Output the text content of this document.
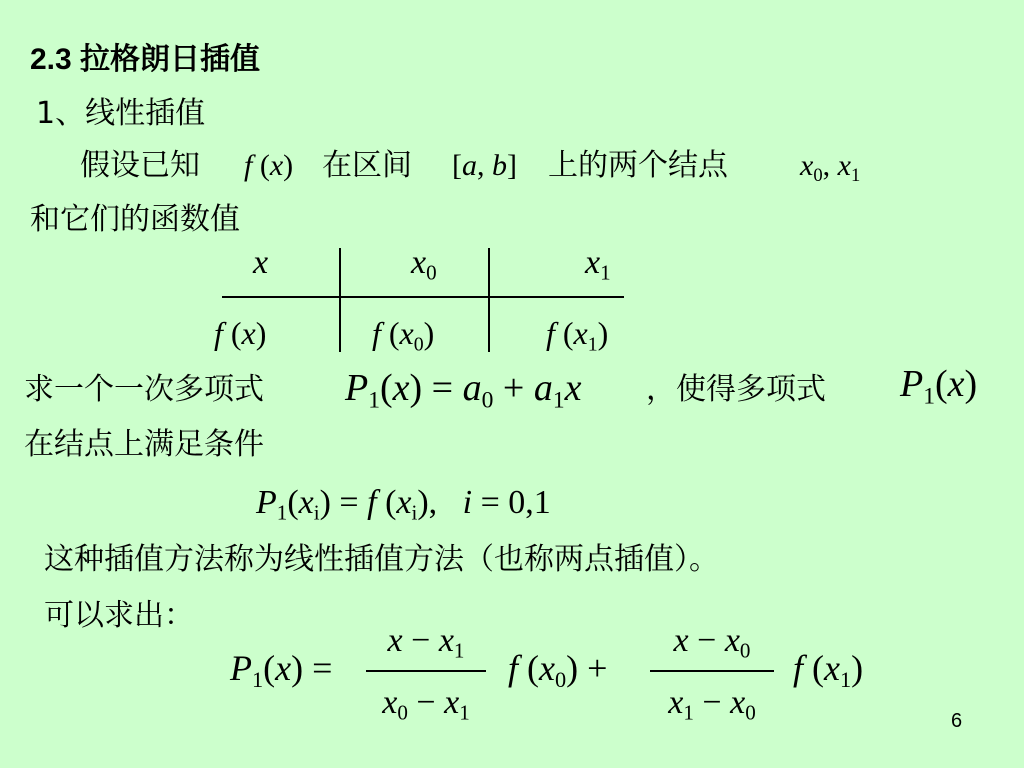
2.3 拉格朗日插值
1、线性插值
假设已知 f (x) 在区间 [a, b] 上的两个结点 $x_0$, $x_1$
和它们的函数值
x	$x_0$	$x_1$
f (x)	f $(x_0)$	f $(x_1)$
求一个一次多项式 $P_1(x) = a_0 + a_1x$ ，使得多项式 $P_1(x)$
在结点上满足条件
$P_1(x_i) = f$ $(x_i)$,   i = 0,1
这种插值方法称为线性插值方法（也称两点插值）。
可以求出：
$P_1(x)$ =
$x - x_1$
$x_0 - x_1$
f $(x_0)$ +
$x - x_0$
$x_1 - x_0$
f $(x_1)$
6
